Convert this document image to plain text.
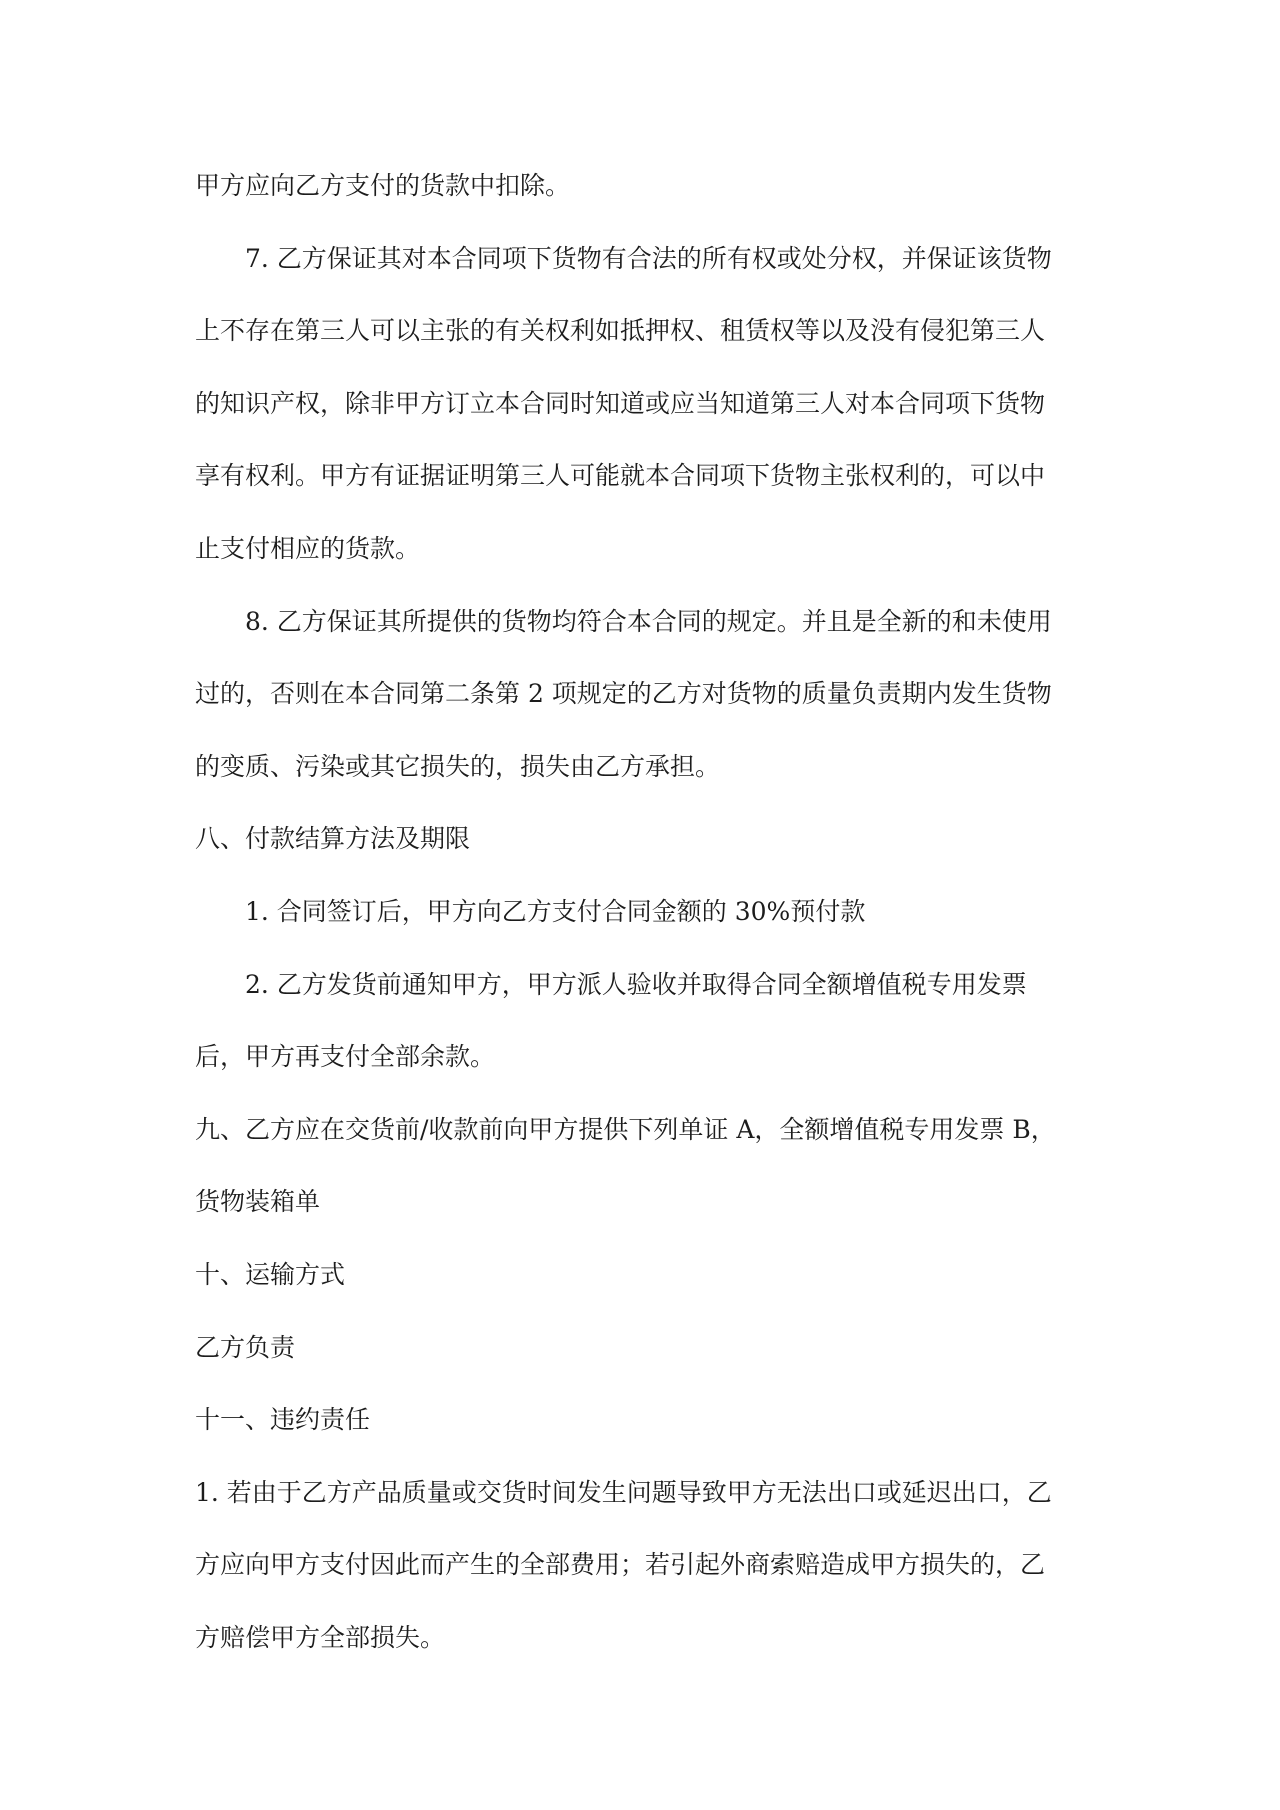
甲方应向乙方支付的货款中扣除。

7. 乙方保证其对本合同项下货物有合法的所有权或处分权，并保证该货物

上不存在第三人可以主张的有关权利如抵押权、租赁权等以及没有侵犯第三人

的知识产权，除非甲方订立本合同时知道或应当知道第三人对本合同项下货物

享有权利。甲方有证据证明第三人可能就本合同项下货物主张权利的，可以中

止支付相应的货款。

8. 乙方保证其所提供的货物均符合本合同的规定。并且是全新的和未使用

过的，否则在本合同第二条第 2 项规定的乙方对货物的质量负责期内发生货物

的变质、污染或其它损失的，损失由乙方承担。

八、付款结算方法及期限

1. 合同签订后，甲方向乙方支付合同金额的 30%预付款

2. 乙方发货前通知甲方，甲方派人验收并取得合同全额增值税专用发票

后，甲方再支付全部余款。

九、乙方应在交货前/收款前向甲方提供下列单证 A，全额增值税专用发票 B，

货物装箱单

十、运输方式

乙方负责

十一、违约责任

1. 若由于乙方产品质量或交货时间发生问题导致甲方无法出口或延迟出口，乙

方应向甲方支付因此而产生的全部费用；若引起外商索赔造成甲方损失的，乙

方赔偿甲方全部损失。
